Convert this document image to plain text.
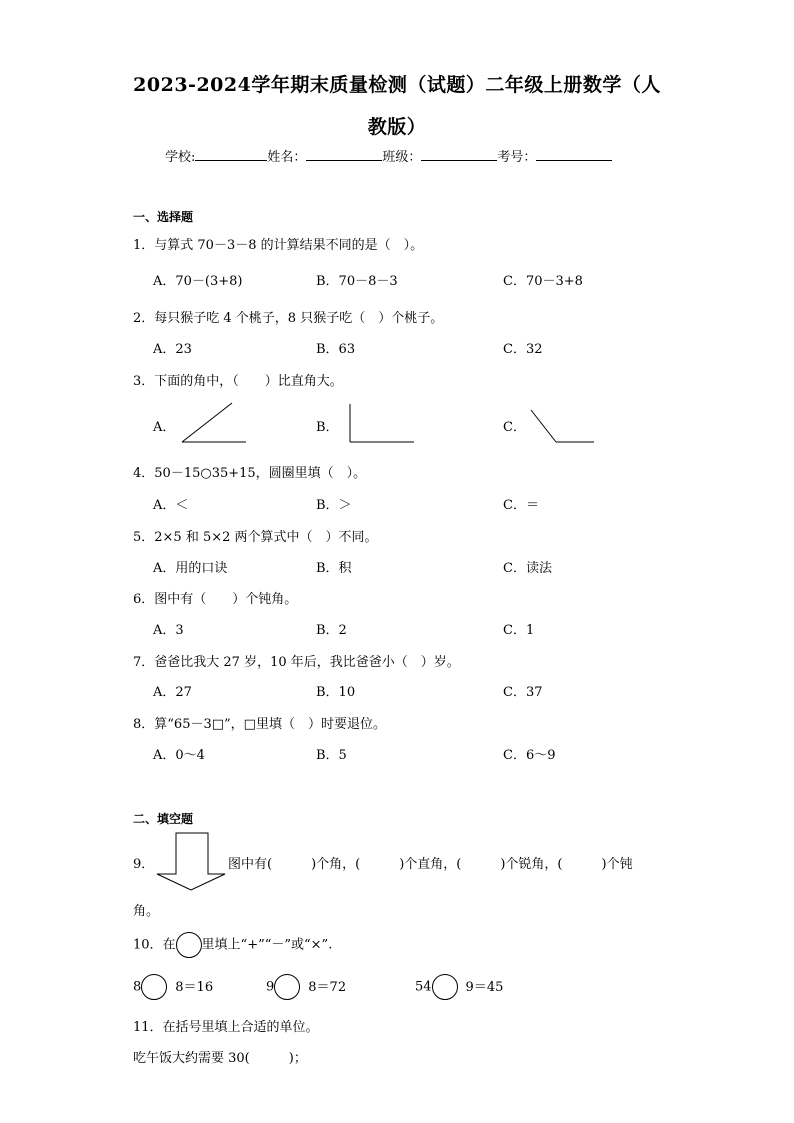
2023-2024学年期末质量检测（试题）二年级上册数学（人
教版）
学校:	姓名：	班级：	考号：
一、选择题
1．与算式 70－3－8 的计算结果不同的是（　）。
A．70－(3+8)	B．70－8－3	C．70－3+8
2．每只猴子吃 4 个桃子，8 只猴子吃（　）个桃子。
A．23	B．63	C．32
3．下面的角中，（　　）比直角大。
A．	B．	C．
4．50－15○35+15，圆圈里填（　）。
A．＜	B．＞	C．＝
5．2×5 和 5×2 两个算式中（　）不同。
A．用的口诀	B．积	C．读法
6．图中有（　　）个钝角。
A．3	B．2	C．1
7．爸爸比我大 27 岁，10 年后，我比爸爸小（　）岁。
A．27	B．10	C．37
8．算“65－3□”，□里填（　）时要退位。
A．0～4	B．5	C．6～9
二、填空题
9．	图中有(　　　)个角，(　　　)个直角，(　　　)个锐角，(　　　)个钝
角。
10．在 里填上“+”“－”或“×”.
8	8＝16	9	8＝72	54	9＝45
11．在括号里填上合适的单位。
吃午饭大约需要 30(　　　)；
